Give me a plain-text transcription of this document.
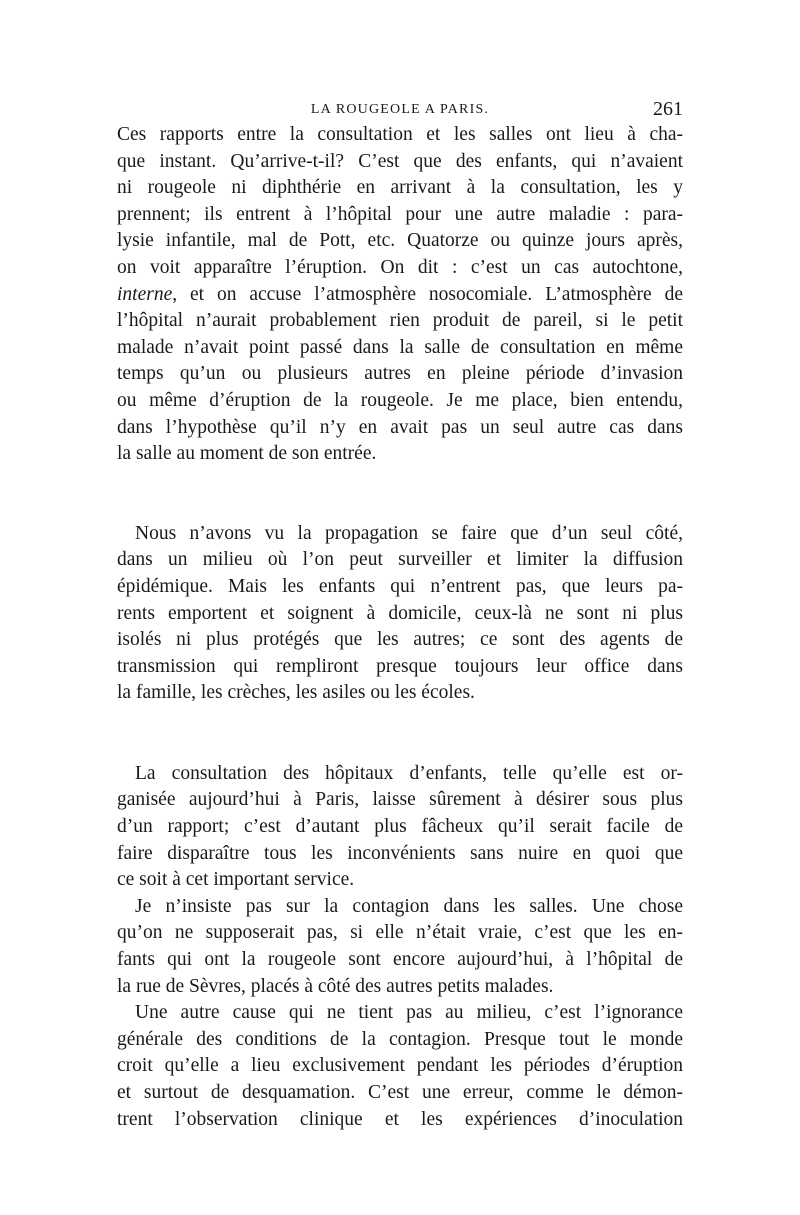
LA ROUGEOLE A PARIS.	261
Ces rapports entre la consultation et les salles ont lieu à cha-
que instant. Qu’arrive-t-il? C’est que des enfants, qui n’avaient
ni rougeole ni diphthérie en arrivant à la consultation, les y
prennent; ils entrent à l’hôpital pour une autre maladie : para-
lysie infantile, mal de Pott, etc. Quatorze ou quinze jours après,
on voit apparaître l’éruption. On dit : c’est un cas autochtone,
interne, et on accuse l’atmosphère nosocomiale. L’atmosphère de
l’hôpital n’aurait probablement rien produit de pareil, si le petit
malade n’avait point passé dans la salle de consultation en même
temps qu’un ou plusieurs autres en pleine période d’invasion
ou même d’éruption de la rougeole. Je me place, bien entendu,
dans l’hypothèse qu’il n’y en avait pas un seul autre cas dans
la salle au moment de son entrée.
Nous n’avons vu la propagation se faire que d’un seul côté,
dans un milieu où l’on peut surveiller et limiter la diffusion
épidémique. Mais les enfants qui n’entrent pas, que leurs pa-
rents emportent et soignent à domicile, ceux-là ne sont ni plus
isolés ni plus protégés que les autres; ce sont des agents de
transmission qui rempliront presque toujours leur office dans
la famille, les crèches, les asiles ou les écoles.
La consultation des hôpitaux d’enfants, telle qu’elle est or-
ganisée aujourd’hui à Paris, laisse sûrement à désirer sous plus
d’un rapport; c’est d’autant plus fâcheux qu’il serait facile de
faire disparaître tous les inconvénients sans nuire en quoi que
ce soit à cet important service.
Je n’insiste pas sur la contagion dans les salles. Une chose
qu’on ne supposerait pas, si elle n’était vraie, c’est que les en-
fants qui ont la rougeole sont encore aujourd’hui, à l’hôpital de
la rue de Sèvres, placés à côté des autres petits malades.
Une autre cause qui ne tient pas au milieu, c’est l’ignorance
générale des conditions de la contagion. Presque tout le monde
croit qu’elle a lieu exclusivement pendant les périodes d’éruption
et surtout de desquamation. C’est une erreur, comme le démon-
trent l’observation clinique et les expériences d’inoculation
